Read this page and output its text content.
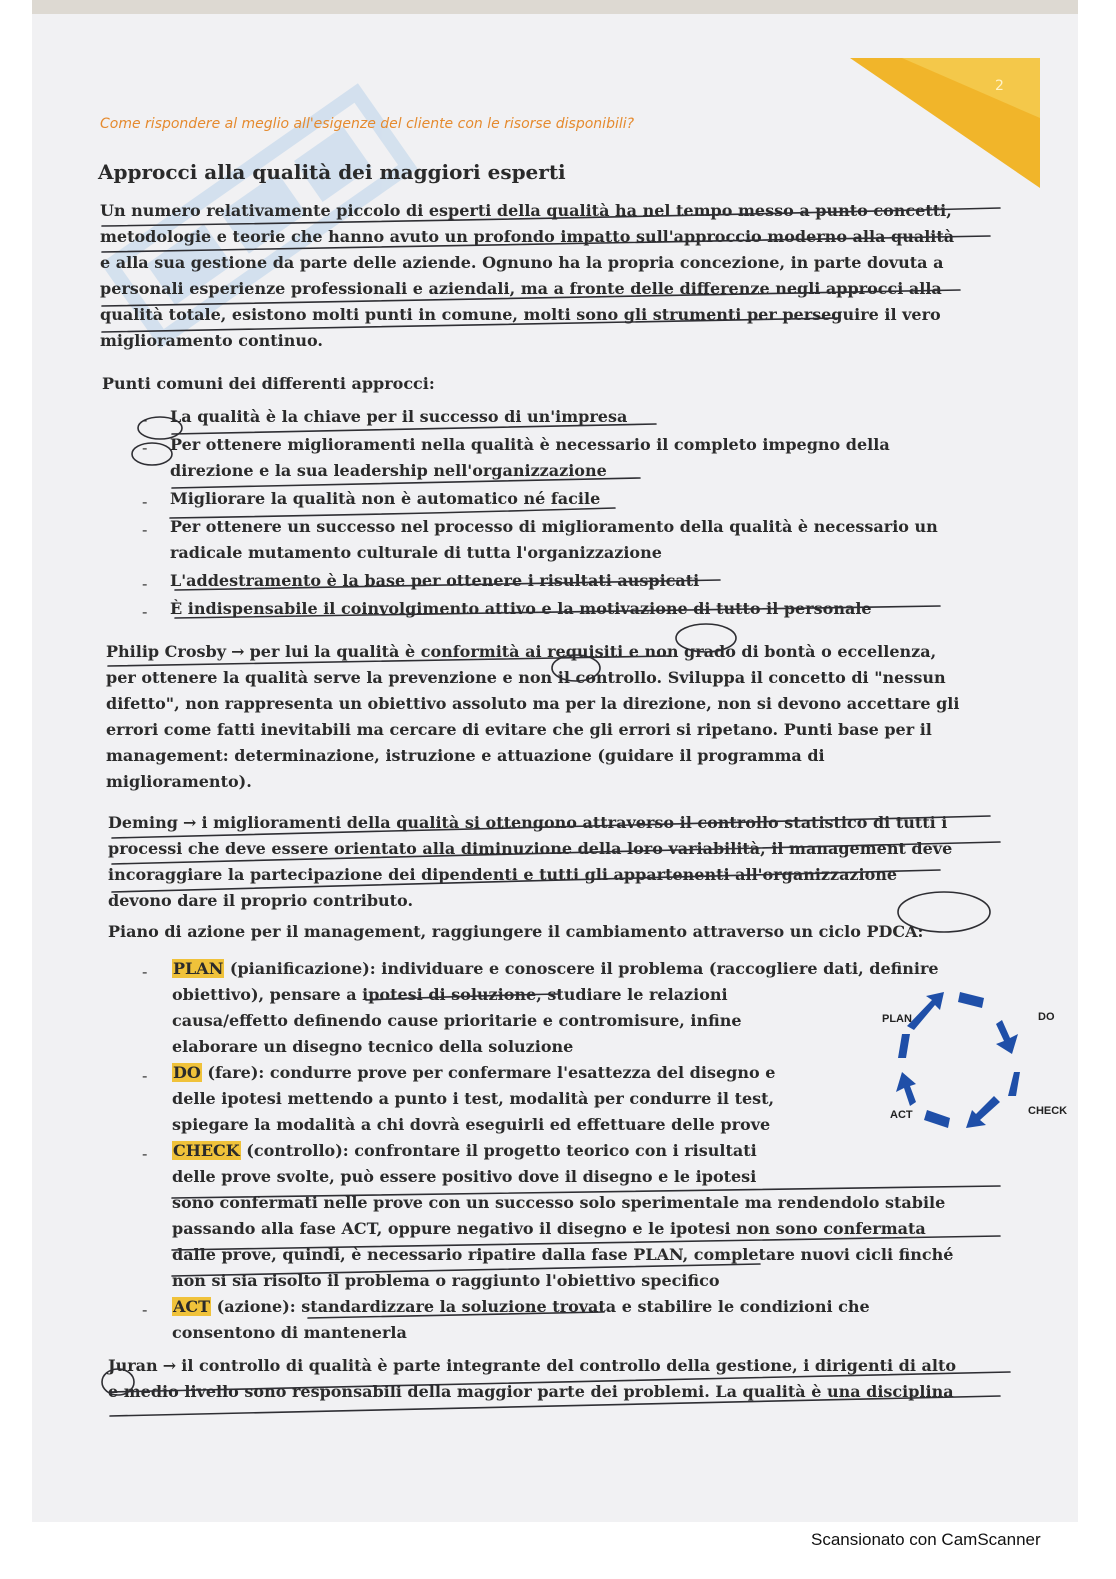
2
Come rispondere al meglio all'esigenze del cliente con le risorse disponibili?
Approcci alla qualità dei maggiori esperti
Un numero relativamente piccolo di esperti della qualità ha nel tempo messo a punto concetti,
metodologie e teorie che hanno avuto un profondo impatto sull'approccio moderno alla qualità
e alla sua gestione da parte delle aziende. Ognuno ha la propria concezione, in parte dovuta a
personali esperienze professionali e aziendali, ma a fronte delle differenze negli approcci alla
qualità totale, esistono molti punti in comune, molti sono gli strumenti per perseguire il vero
miglioramento continuo.
Punti comuni dei differenti approcci:
- La qualità è la chiave per il successo di un'impresa
- Per ottenere miglioramenti nella qualità è necessario il completo impegno della
direzione e la sua leadership nell'organizzazione
- Migliorare la qualità non è automatico né facile
- Per ottenere un successo nel processo di miglioramento della qualità è necessario un
radicale mutamento culturale di tutta l'organizzazione
- L'addestramento è la base per ottenere i risultati auspicati
- È indispensabile il coinvolgimento attivo e la motivazione di tutto il personale
Philip Crosby → per lui la qualità è conformità ai requisiti e non grado di bontà o eccellenza,
per ottenere la qualità serve la prevenzione e non il controllo. Sviluppa il concetto di "nessun
difetto", non rappresenta un obiettivo assoluto ma per la direzione, non si devono accettare gli
errori come fatti inevitabili ma cercare di evitare che gli errori si ripetano. Punti base per il
management: determinazione, istruzione e attuazione (guidare il programma di
miglioramento).
Deming → i miglioramenti della qualità si ottengono attraverso il controllo statistico di tutti i
processi che deve essere orientato alla diminuzione della loro variabilità, il management deve
incoraggiare la partecipazione dei dipendenti e tutti gli appartenenti all'organizzazione
devono dare il proprio contributo.
Piano di azione per il management, raggiungere il cambiamento attraverso un ciclo PDCA:
- PLAN (pianificazione): individuare e conoscere il problema (raccogliere dati, definire
obiettivo), pensare a ipotesi di soluzione, studiare le relazioni
causa/effetto definendo cause prioritarie e contromisure, infine
elaborare un disegno tecnico della soluzione
- DO (fare): condurre prove per confermare l'esattezza del disegno e
delle ipotesi mettendo a punto i test, modalità per condurre il test,
spiegare la modalità a chi dovrà eseguirli ed effettuare delle prove
- CHECK (controllo): confrontare il progetto teorico con i risultati
delle prove svolte, può essere positivo dove il disegno e le ipotesi
sono confermati nelle prove con un successo solo sperimentale ma rendendolo stabile
passando alla fase ACT, oppure negativo il disegno e le ipotesi non sono confermata
dalle prove, quindi, è necessario ripatire dalla fase PLAN, completare nuovi cicli finché
non si sia risolto il problema o raggiunto l'obiettivo specifico
- ACT (azione): standardizzare la soluzione trovata e stabilire le condizioni che
consentono di mantenerla
PLAN	DO
ACT	CHECK
Juran → il controllo di qualità è parte integrante del controllo della gestione, i dirigenti di alto
e medio livello sono responsabili della maggior parte dei problemi. La qualità è una disciplina
Scansionato con CamScanner
